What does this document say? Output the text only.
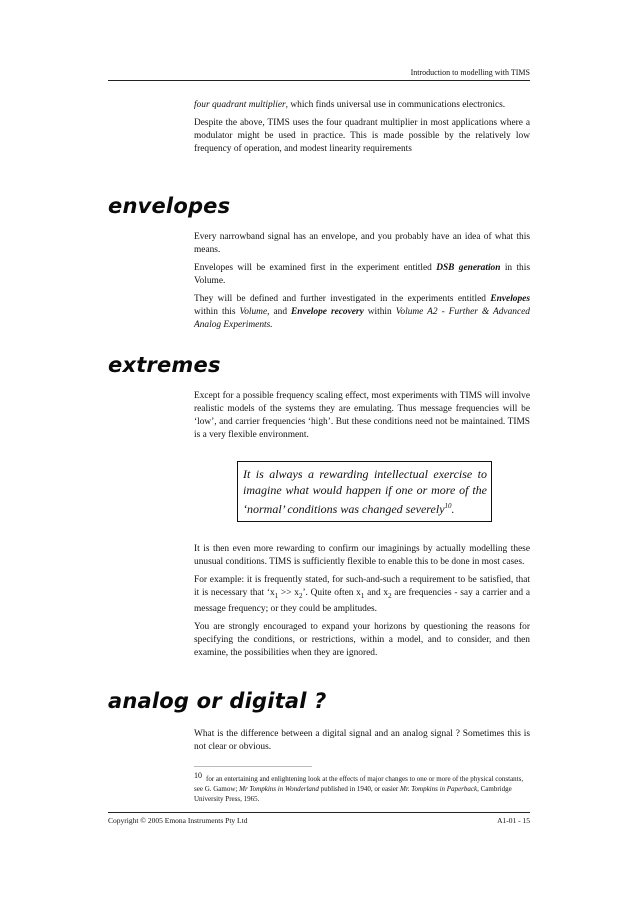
Introduction to modelling with TIMS

four quadrant multiplier, which finds universal use in communications electronics.

Despite the above, TIMS uses the four quadrant multiplier in most applications where a modulator might be used in practice. This is made possible by the relatively low frequency of operation, and modest linearity requirements

envelopes

Every narrowband signal has an envelope, and you probably have an idea of what this means.

Envelopes will be examined first in the experiment entitled DSB generation in this Volume.

They will be defined and further investigated in the experiments entitled Envelopes within this Volume, and Envelope recovery within Volume A2 - Further & Advanced Analog Experiments.

extremes

Except for a possible frequency scaling effect, most experiments with TIMS will involve realistic models of the systems they are emulating. Thus message frequencies will be ‘low’, and carrier frequencies ‘high’. But these conditions need not be maintained. TIMS is a very flexible environment.

It is always a rewarding intellectual exercise to imagine what would happen if one or more of the ‘normal’ conditions was changed severely$^{10}$.

It is then even more rewarding to confirm our imaginings by actually modelling these unusual conditions. TIMS is sufficiently flexible to enable this to be done in most cases.

For example: it is frequently stated, for such-and-such a requirement to be satisfied, that it is necessary that ‘$x_1 >> x_2$’. Quite often $x_1$ and $x_2$ are frequencies - say a carrier and a message frequency; or they could be amplitudes.

You are strongly encouraged to expand your horizons by questioning the reasons for specifying the conditions, or restrictions, within a model, and to consider, and then examine, the possibilities when they are ignored.

analog or digital ?

What is the difference between a digital signal and an analog signal ? Sometimes this is not clear or obvious.

10 for an entertaining and enlightening look at the effects of major changes to one or more of the physical constants, see G. Gamow; Mr Tompkins in Wonderland published in 1940, or easier Mr. Tompkins in Paperback, Cambridge University Press, 1965.
Copyright © 2005 Emona Instruments Pty Ltd	A1-01 - 15
